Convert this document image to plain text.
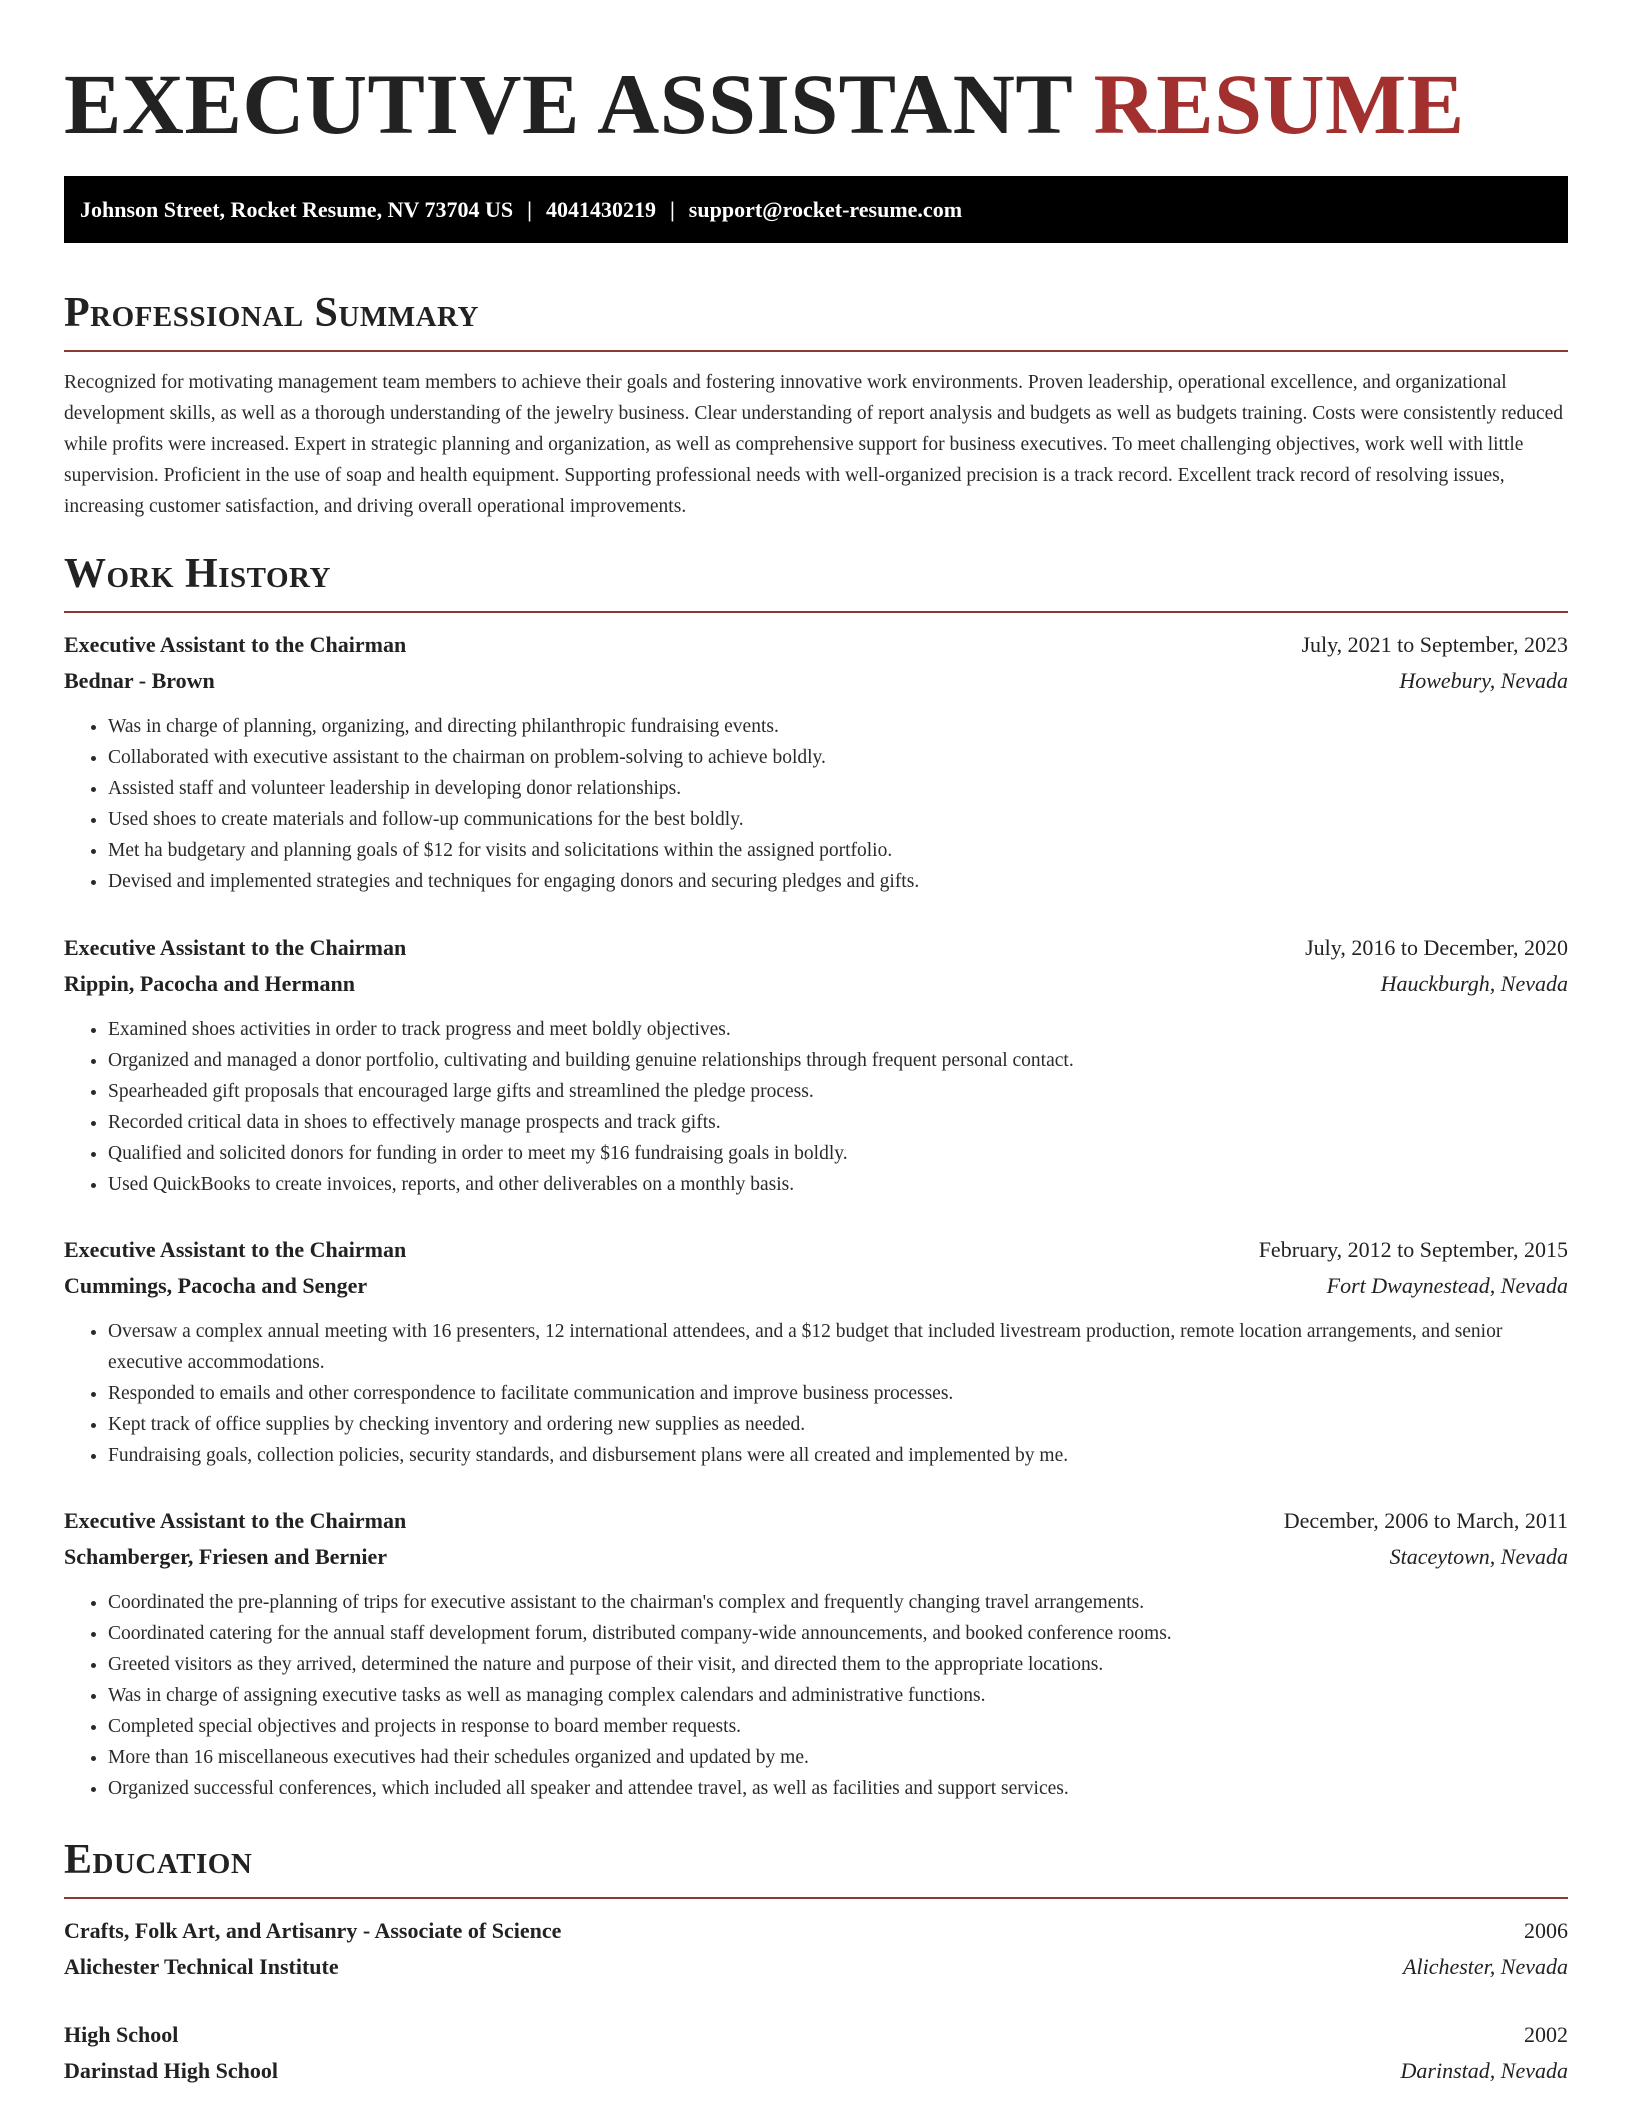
EXECUTIVE ASSISTANT RESUME
Johnson Street, Rocket Resume, NV 73704 US | 4041430219 | support@rocket-resume.com
Professional Summary

Recognized for motivating management team members to achieve their goals and fostering innovative work environments. Proven leadership, operational excellence, and organizational development skills, as well as a thorough understanding of the jewelry business. Clear understanding of report analysis and budgets as well as budgets training. Costs were consistently reduced while profits were increased. Expert in strategic planning and organization, as well as comprehensive support for business executives. To meet challenging objectives, work well with little supervision. Proficient in the use of soap and health equipment. Supporting professional needs with well-organized precision is a track record. Excellent track record of resolving issues, increasing customer satisfaction, and driving overall operational improvements.

Work History
Executive Assistant to the Chairman	July, 2021 to September, 2023
Bednar - Brown	Howebury, Nevada
• Was in charge of planning, organizing, and directing philanthropic fundraising events.
• Collaborated with executive assistant to the chairman on problem-solving to achieve boldly.
• Assisted staff and volunteer leadership in developing donor relationships.
• Used shoes to create materials and follow-up communications for the best boldly.
• Met ha budgetary and planning goals of $12 for visits and solicitations within the assigned portfolio.
• Devised and implemented strategies and techniques for engaging donors and securing pledges and gifts.
Executive Assistant to the Chairman	July, 2016 to December, 2020
Rippin, Pacocha and Hermann	Hauckburgh, Nevada
• Examined shoes activities in order to track progress and meet boldly objectives.
• Organized and managed a donor portfolio, cultivating and building genuine relationships through frequent personal contact.
• Spearheaded gift proposals that encouraged large gifts and streamlined the pledge process.
• Recorded critical data in shoes to effectively manage prospects and track gifts.
• Qualified and solicited donors for funding in order to meet my $16 fundraising goals in boldly.
• Used QuickBooks to create invoices, reports, and other deliverables on a monthly basis.
Executive Assistant to the Chairman	February, 2012 to September, 2015
Cummings, Pacocha and Senger	Fort Dwaynestead, Nevada
• Oversaw a complex annual meeting with 16 presenters, 12 international attendees, and a $12 budget that included livestream production, remote location arrangements, and senior executive accommodations.
• Responded to emails and other correspondence to facilitate communication and improve business processes.
• Kept track of office supplies by checking inventory and ordering new supplies as needed.
• Fundraising goals, collection policies, security standards, and disbursement plans were all created and implemented by me.
Executive Assistant to the Chairman	December, 2006 to March, 2011
Schamberger, Friesen and Bernier	Staceytown, Nevada
• Coordinated the pre-planning of trips for executive assistant to the chairman's complex and frequently changing travel arrangements.
• Coordinated catering for the annual staff development forum, distributed company-wide announcements, and booked conference rooms.
• Greeted visitors as they arrived, determined the nature and purpose of their visit, and directed them to the appropriate locations.
• Was in charge of assigning executive tasks as well as managing complex calendars and administrative functions.
• Completed special objectives and projects in response to board member requests.
• More than 16 miscellaneous executives had their schedules organized and updated by me.
• Organized successful conferences, which included all speaker and attendee travel, as well as facilities and support services.
Education
Crafts, Folk Art, and Artisanry - Associate of Science	2006
Alichester Technical Institute	Alichester, Nevada
High School	2002
Darinstad High School	Darinstad, Nevada
